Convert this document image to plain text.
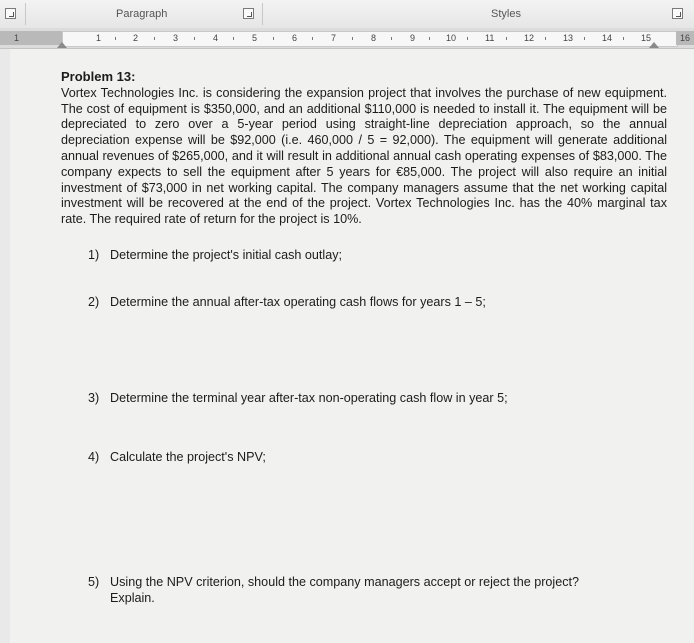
Paragraph	Styles
1	1	2	3	4	5	6	7	8	9	10	11	12	13	14	15	16
Problem 13:
Vortex Technologies Inc. is considering the expansion project that involves the purchase of new equipment. The cost of equipment is $350,000, and an additional $110,000 is needed to install it. The equipment will be depreciated to zero over a 5-year period using straight-line depreciation approach, so the annual depreciation expense will be $92,000 (i.e. 460,000 / 5 = 92,000). The equipment will generate additional annual revenues of $265,000, and it will result in additional annual cash operating expenses of $83,000. The company expects to sell the equipment after 5 years for €85,000. The project will also require an initial investment of $73,000 in net working capital. The company managers assume that the net working capital investment will be recovered at the end of the project. Vortex Technologies Inc. has the 40% marginal tax rate. The required rate of return for the project is 10%.
1) Determine the project's initial cash outlay;
2) Determine the annual after-tax operating cash flows for years 1 – 5;
3) Determine the terminal year after-tax non-operating cash flow in year 5;
4) Calculate the project's NPV;
5) Using the NPV criterion, should the company managers accept or reject the project?
Explain.
